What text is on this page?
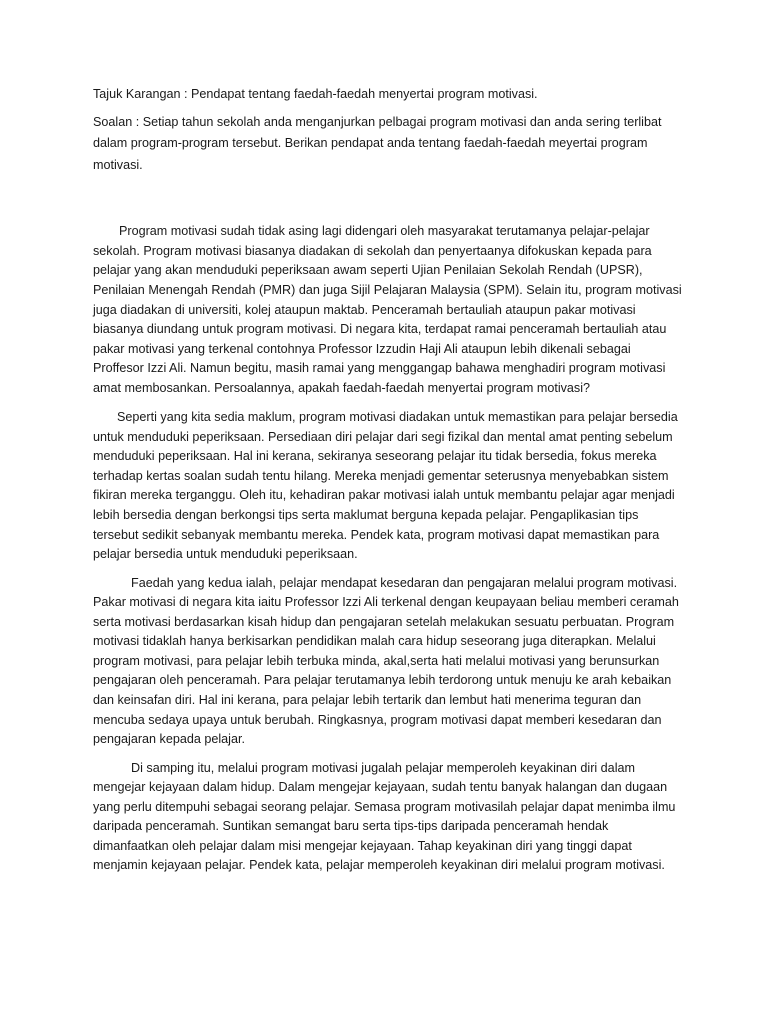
Tajuk Karangan : Pendapat tentang faedah-faedah menyertai program motivasi.

Soalan : Setiap tahun sekolah anda menganjurkan pelbagai program motivasi dan anda sering terlibat dalam program-program tersebut. Berikan pendapat anda tentang faedah-faedah meyertai program motivasi.

Program motivasi sudah tidak asing lagi didengari oleh masyarakat terutamanya pelajar-pelajar sekolah. Program motivasi biasanya diadakan di sekolah dan penyertaanya difokuskan kepada para pelajar yang akan menduduki peperiksaan awam seperti Ujian Penilaian Sekolah Rendah (UPSR), Penilaian Menengah Rendah (PMR) dan juga Sijil Pelajaran Malaysia (SPM). Selain itu, program motivasi juga diadakan di universiti, kolej ataupun maktab. Penceramah bertauliah ataupun pakar motivasi biasanya diundang untuk program motivasi. Di negara kita, terdapat ramai penceramah bertauliah atau pakar motivasi yang terkenal contohnya Professor Izzudin Haji Ali ataupun lebih dikenali sebagai Proffesor Izzi Ali. Namun begitu, masih ramai yang menggangap bahawa menghadiri program motivasi amat membosankan. Persoalannya, apakah faedah-faedah menyertai program motivasi?

Seperti yang kita sedia maklum, program motivasi diadakan untuk memastikan para pelajar bersedia untuk menduduki peperiksaan. Persediaan diri pelajar dari segi fizikal dan mental amat penting sebelum menduduki peperiksaan. Hal ini kerana, sekiranya seseorang pelajar itu tidak bersedia, fokus mereka terhadap kertas soalan sudah tentu hilang. Mereka menjadi gementar seterusnya menyebabkan sistem fikiran mereka terganggu. Oleh itu, kehadiran pakar motivasi ialah untuk membantu pelajar agar menjadi lebih bersedia dengan berkongsi tips serta maklumat berguna kepada pelajar. Pengaplikasian tips tersebut sedikit sebanyak membantu mereka. Pendek kata, program motivasi dapat memastikan para pelajar bersedia untuk menduduki peperiksaan.

Faedah yang kedua ialah, pelajar mendapat kesedaran dan pengajaran melalui program motivasi. Pakar motivasi di negara kita iaitu Professor Izzi Ali terkenal dengan keupayaan beliau memberi ceramah serta motivasi berdasarkan kisah hidup dan pengajaran setelah melakukan sesuatu perbuatan. Program motivasi tidaklah hanya berkisarkan pendidikan malah cara hidup seseorang juga diterapkan. Melalui program motivasi, para pelajar lebih terbuka minda, akal,serta hati melalui motivasi yang berunsurkan pengajaran oleh penceramah. Para pelajar terutamanya lebih terdorong untuk menuju ke arah kebaikan dan keinsafan diri. Hal ini kerana, para pelajar lebih tertarik dan lembut hati menerima teguran dan mencuba sedaya upaya untuk berubah. Ringkasnya, program motivasi dapat memberi kesedaran dan pengajaran kepada pelajar.

Di samping itu, melalui program motivasi jugalah pelajar memperoleh keyakinan diri dalam mengejar kejayaan dalam hidup. Dalam mengejar kejayaan, sudah tentu banyak halangan dan dugaan yang perlu ditempuhi sebagai seorang pelajar. Semasa program motivasilah pelajar dapat menimba ilmu daripada penceramah. Suntikan semangat baru serta tips-tips daripada penceramah hendak dimanfaatkan oleh pelajar dalam misi mengejar kejayaan. Tahap keyakinan diri yang tinggi dapat menjamin kejayaan pelajar. Pendek kata, pelajar memperoleh keyakinan diri melalui program motivasi.
